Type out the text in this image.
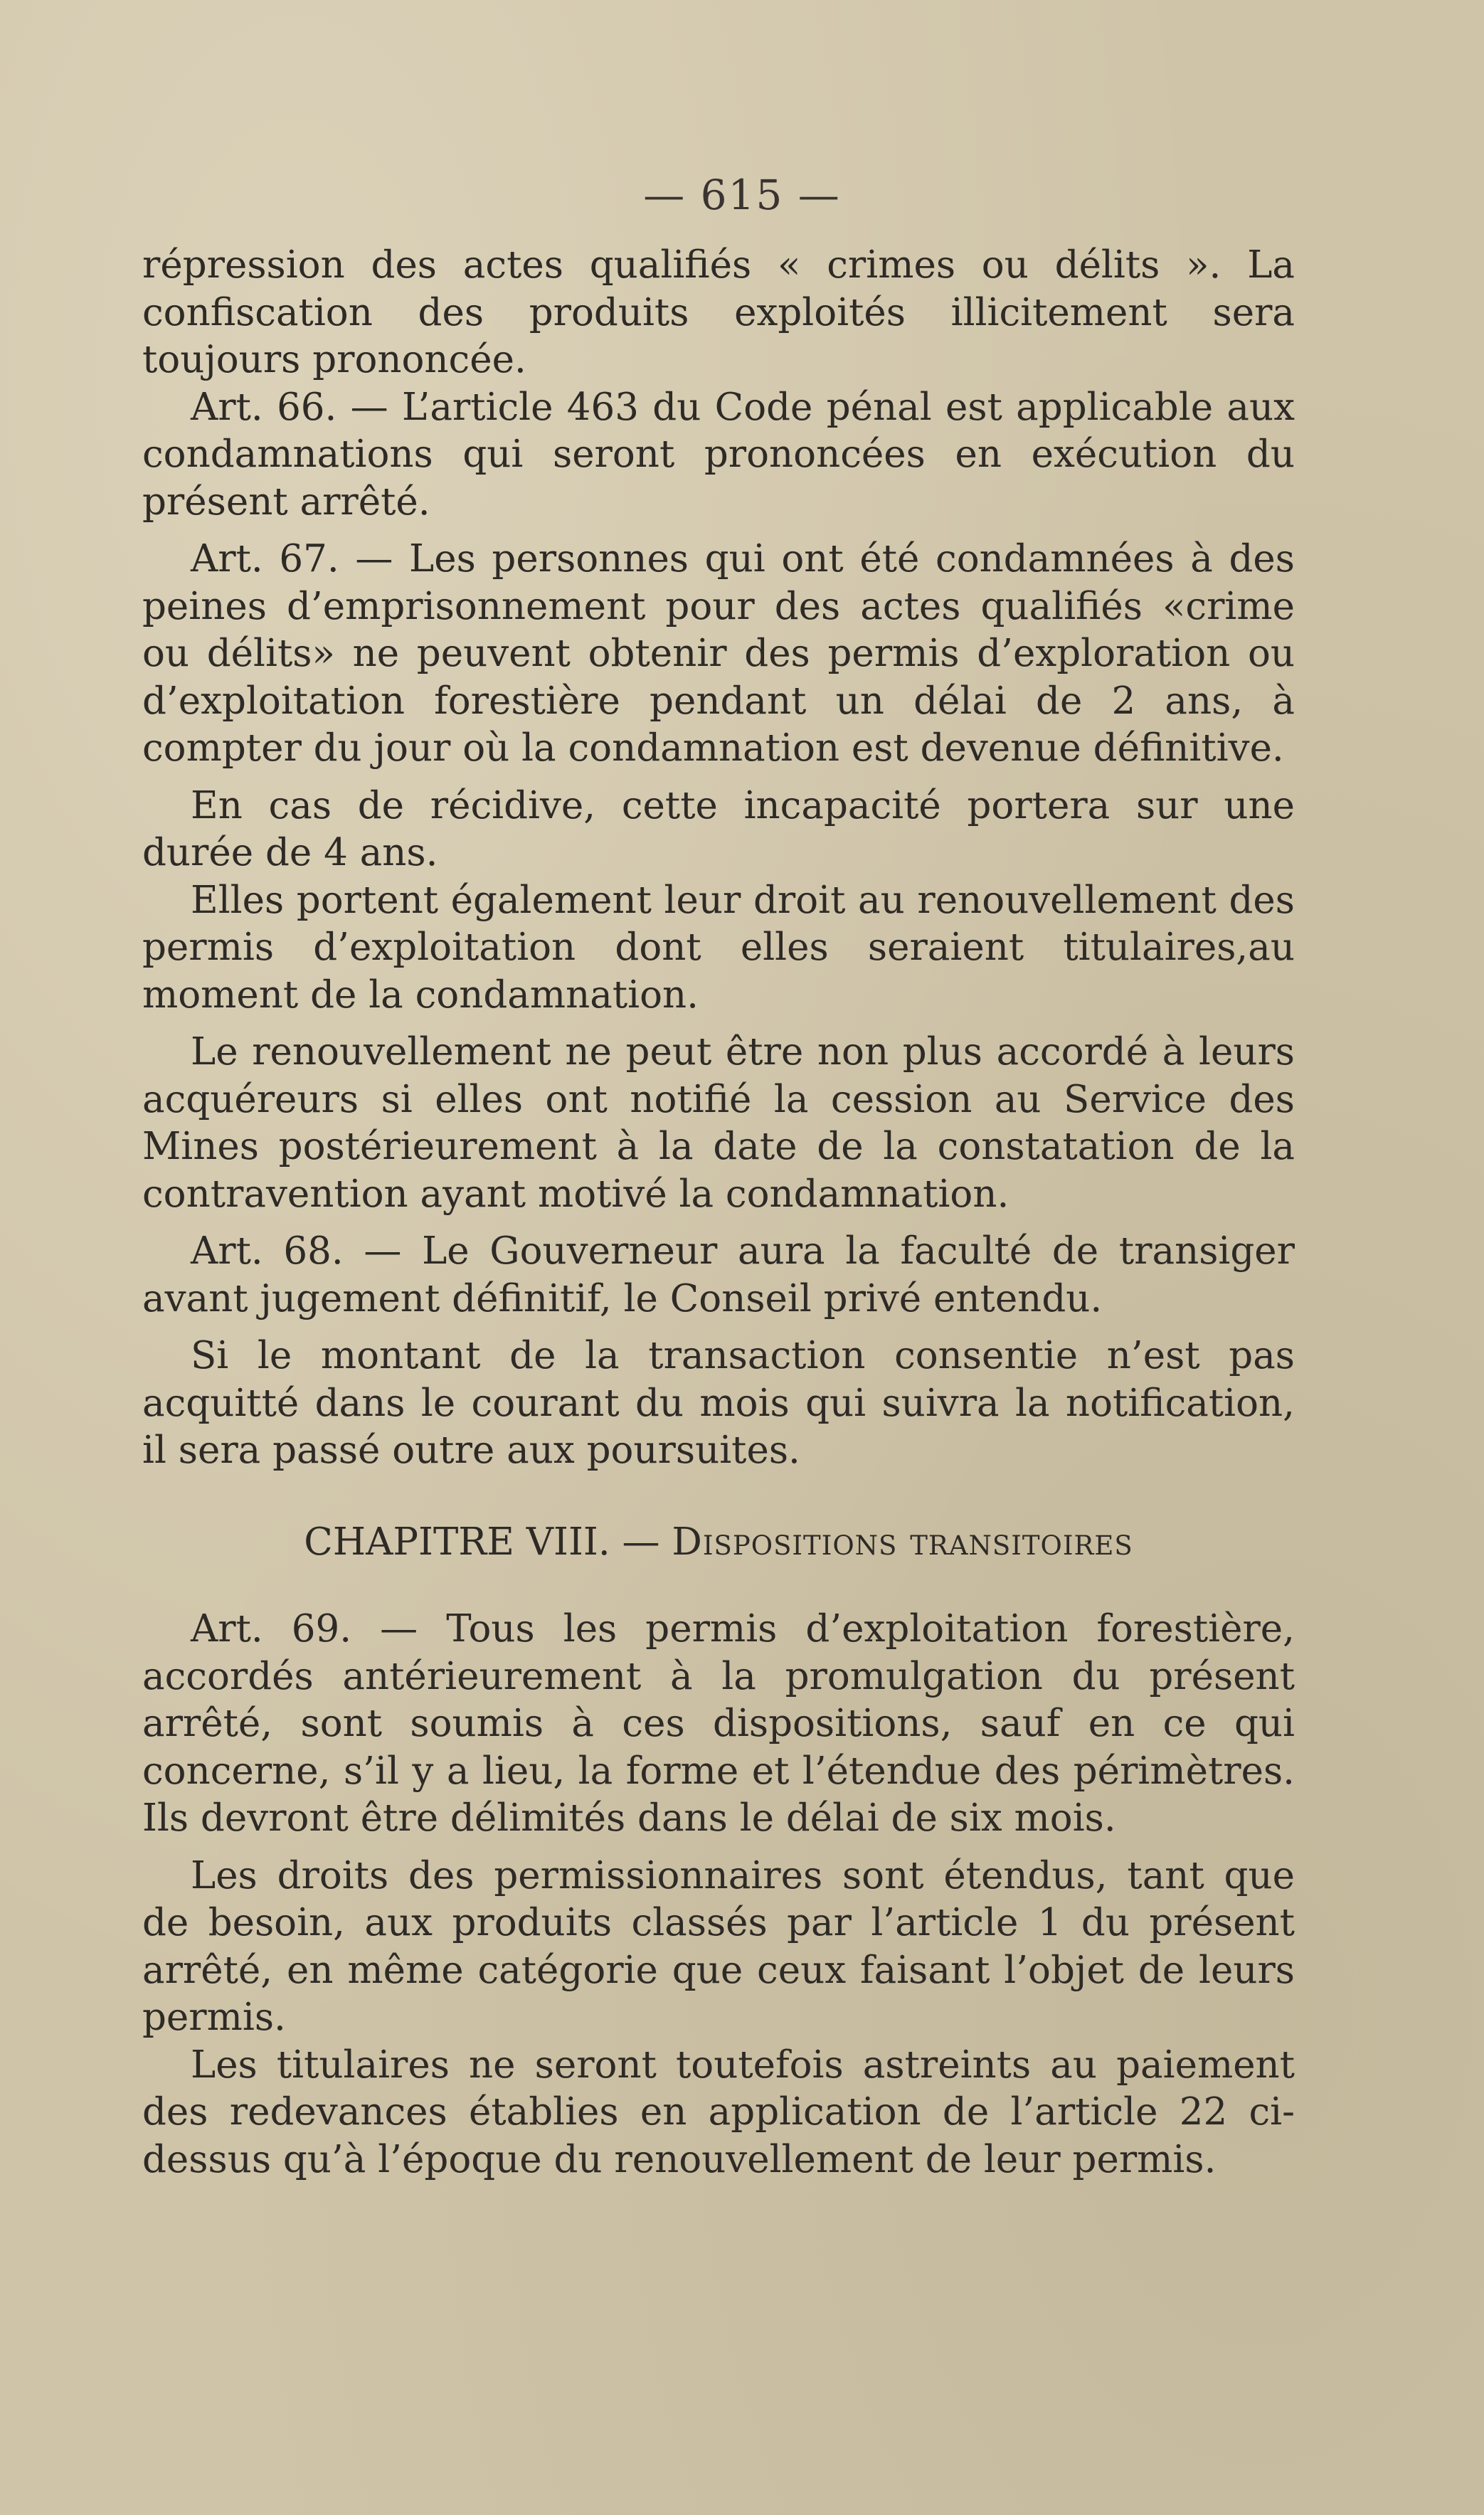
— 615 —

répression des actes qualifiés « crimes ou délits ». La confiscation des produits exploités illicitement sera toujours prononcée.

Art. 66. — L’article 463 du Code pénal est applicable aux condamnations qui seront prononcées en exécution du présent arrêté.

Art. 67. — Les personnes qui ont été condamnées à des peines d’emprisonnement pour des actes qualifiés «crime ou délits» ne peuvent obtenir des permis d’exploration ou d’exploitation forestière pendant un délai de 2 ans, à compter du jour où la condamnation est devenue définitive.

En cas de récidive, cette incapacité portera sur une durée de 4 ans.

Elles portent également leur droit au renouvellement des permis d’exploitation dont elles seraient titulaires,au moment de la condamnation.

Le renouvellement ne peut être non plus accordé à leurs acquéreurs si elles ont notifié la cession au Service des Mines postérieurement à la date de la constatation de la contravention ayant motivé la condamnation.

Art. 68. — Le Gouverneur aura la faculté de transiger avant jugement définitif, le Conseil privé entendu.

Si le montant de la transaction consentie n’est pas acquitté dans le courant du mois qui suivra la notification, il sera passé outre aux poursuites.

CHAPITRE VIII. — Dispositions transitoires

Art. 69. — Tous les permis d’exploitation forestière, accordés antérieurement à la promulgation du présent arrêté, sont soumis à ces dispositions, sauf en ce qui concerne, s’il y a lieu, la forme et l’étendue des périmètres. Ils devront être délimités dans le délai de six mois.

Les droits des permissionnaires sont étendus, tant que de besoin, aux produits classés par l’article 1 du présent arrêté, en même catégorie que ceux faisant l’objet de leurs permis.

Les titulaires ne seront toutefois astreints au paiement des redevances établies en application de l’article 22 ci-dessus qu’à l’époque du renouvellement de leur permis.
